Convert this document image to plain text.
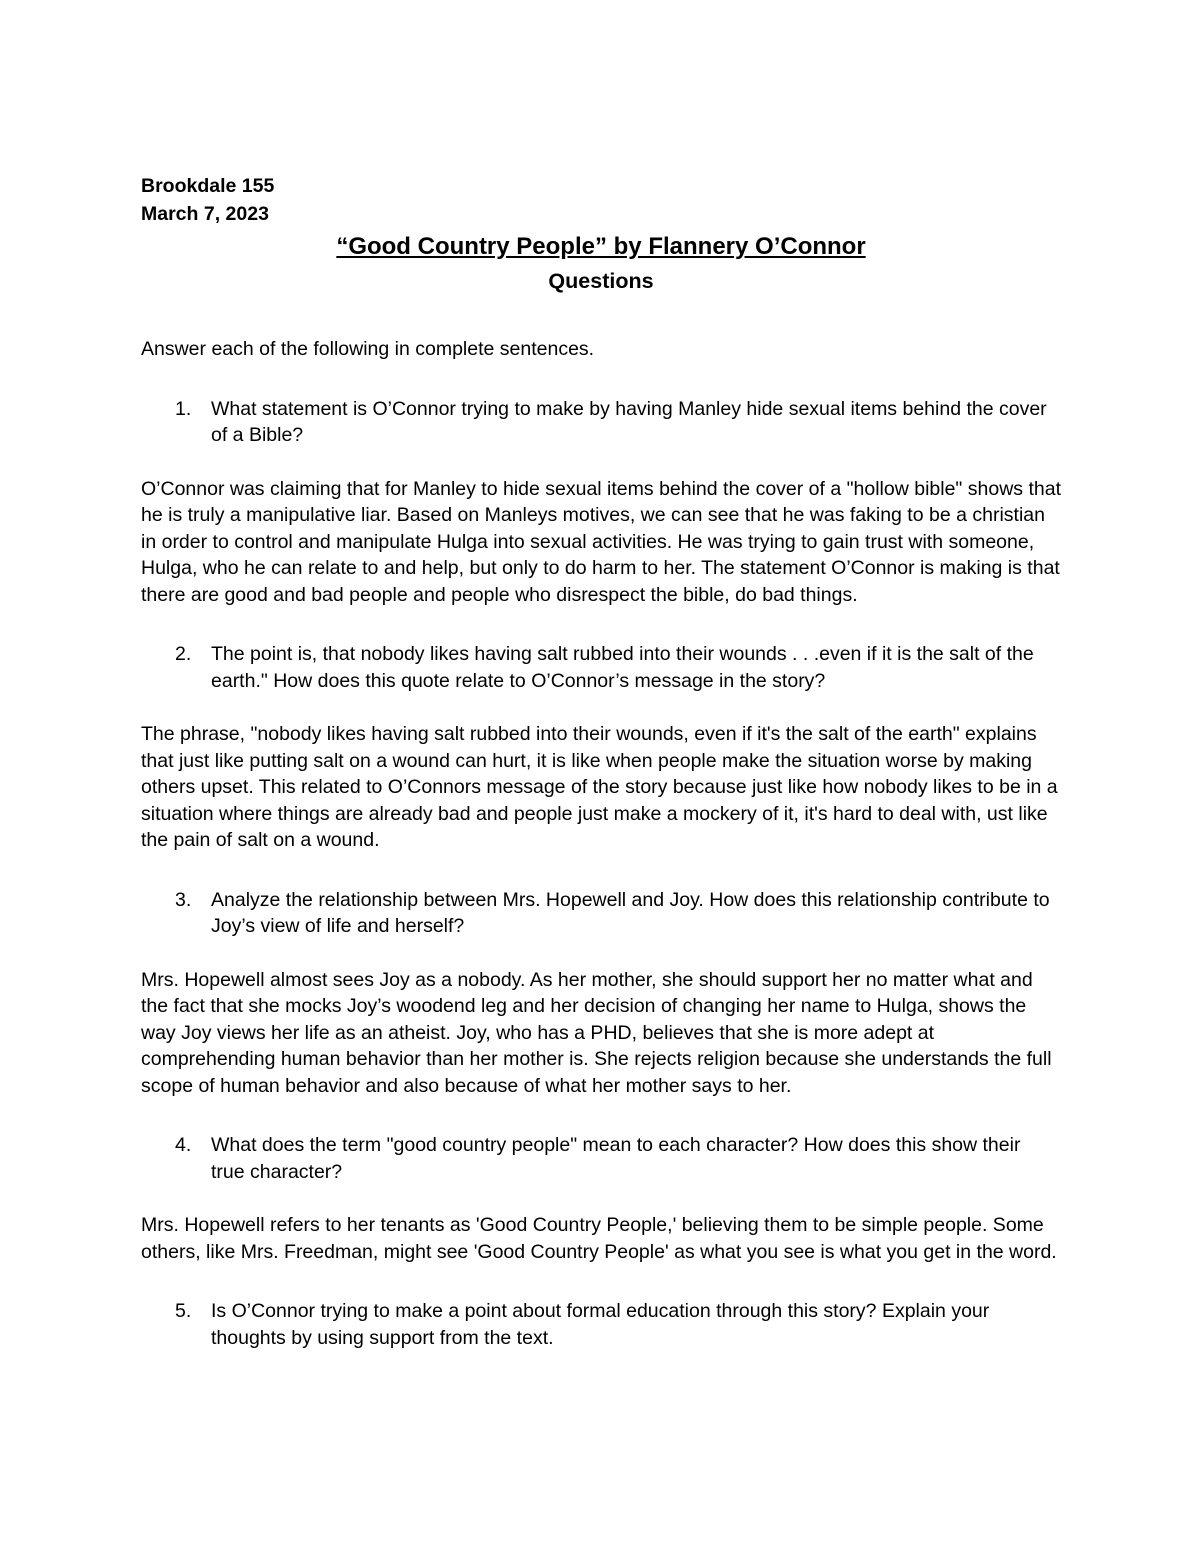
Brookdale 155

March 7, 2023

“Good Country People” by Flannery O’Connor

Questions

Answer each of the following in complete sentences.

1.	What statement is O’Connor trying to make by having Manley hide sexual items behind the cover of a Bible?

O’Connor was claiming that for Manley to hide sexual items behind the cover of a "hollow bible" shows that he is truly a manipulative liar. Based on Manleys motives, we can see that he was faking to be a christian in order to control and manipulate Hulga into sexual activities. He was trying to gain trust with someone, Hulga, who he can relate to and help, but only to do harm to her. The statement O’Connor is making is that there are good and bad people and people who disrespect the bible, do bad things.

2.	The point is, that nobody likes having salt rubbed into their wounds . . .even if it is the salt of the earth." How does this quote relate to O’Connor’s message in the story?

The phrase, "nobody likes having salt rubbed into their wounds, even if it's the salt of the earth" explains that just like putting salt on a wound can hurt, it is like when people make the situation worse by making others upset. This related to O’Connors message of the story because just like how nobody likes to be in a situation where things are already bad and people just make a mockery of it, it's hard to deal with, ust like the pain of salt on a wound.

3.	Analyze the relationship between Mrs. Hopewell and Joy. How does this relationship contribute to Joy’s view of life and herself?

Mrs. Hopewell almost sees Joy as a nobody. As her mother, she should support her no matter what and the fact that she mocks Joy’s woodend leg and her decision of changing her name to Hulga, shows the way Joy views her life as an atheist. Joy, who has a PHD, believes that she is more adept at comprehending human behavior than her mother is. She rejects religion because she understands the full scope of human behavior and also because of what her mother says to her.

4.	What does the term "good country people" mean to each character? How does this show their true character?

Mrs. Hopewell refers to her tenants as 'Good Country People,' believing them to be simple people. Some others, like Mrs. Freedman, might see 'Good Country People' as what you see is what you get in the word.

5.	Is O’Connor trying to make a point about formal education through this story? Explain your thoughts by using support from the text.
